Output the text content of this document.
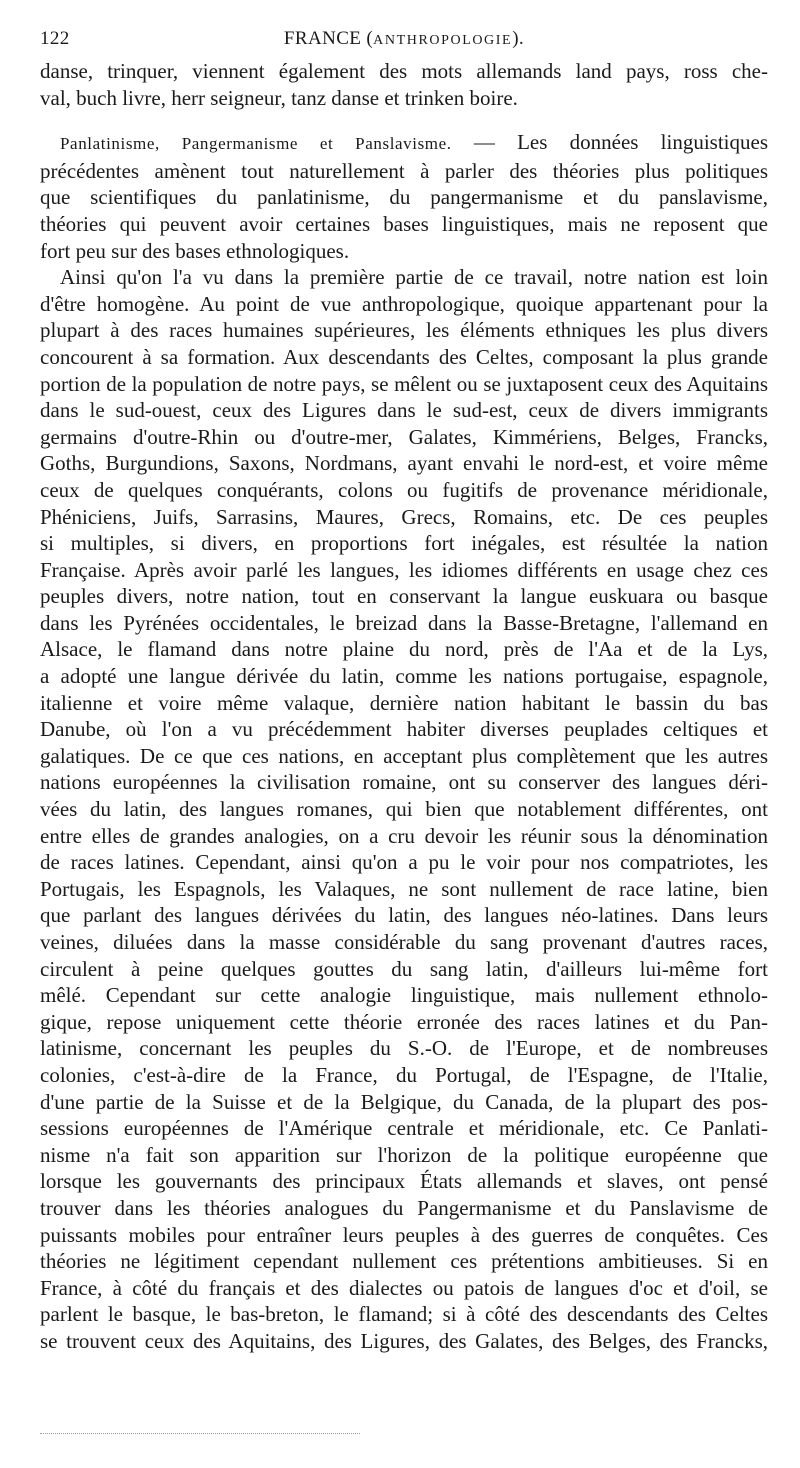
122	FRANCE (ANTHROPOLOGIE).
danse, trinquer, viennent également des mots allemands land pays, ross che-
val, buch livre, herr seigneur, tanz danse et trinken boire.
Panlatinisme, Pangermanisme et Panslavisme. — Les données linguistiques
précédentes amènent tout naturellement à parler des théories plus politiques
que scientifiques du panlatinisme, du pangermanisme et du panslavisme,
théories qui peuvent avoir certaines bases linguistiques, mais ne reposent que
fort peu sur des bases ethnologiques.
Ainsi qu'on l'a vu dans la première partie de ce travail, notre nation est loin
d'être homogène. Au point de vue anthropologique, quoique appartenant pour la
plupart à des races humaines supérieures, les éléments ethniques les plus divers
concourent à sa formation. Aux descendants des Celtes, composant la plus grande
portion de la population de notre pays, se mêlent ou se juxtaposent ceux des Aquitains
dans le sud-ouest, ceux des Ligures dans le sud-est, ceux de divers immigrants
germains d'outre-Rhin ou d'outre-mer, Galates, Kimmériens, Belges, Francks,
Goths, Burgundions, Saxons, Nordmans, ayant envahi le nord-est, et voire même
ceux de quelques conquérants, colons ou fugitifs de provenance méridionale,
Phéniciens, Juifs, Sarrasins, Maures, Grecs, Romains, etc. De ces peuples
si multiples, si divers, en proportions fort inégales, est résultée la nation
Française. Après avoir parlé les langues, les idiomes différents en usage chez ces
peuples divers, notre nation, tout en conservant la langue euskuara ou basque
dans les Pyrénées occidentales, le breizad dans la Basse-Bretagne, l'allemand en
Alsace, le flamand dans notre plaine du nord, près de l'Aa et de la Lys,
a adopté une langue dérivée du latin, comme les nations portugaise, espagnole,
italienne et voire même valaque, dernière nation habitant le bassin du bas
Danube, où l'on a vu précédemment habiter diverses peuplades celtiques et
galatiques. De ce que ces nations, en acceptant plus complètement que les autres
nations européennes la civilisation romaine, ont su conserver des langues déri-
vées du latin, des langues romanes, qui bien que notablement différentes, ont
entre elles de grandes analogies, on a cru devoir les réunir sous la dénomination
de races latines. Cependant, ainsi qu'on a pu le voir pour nos compatriotes, les
Portugais, les Espagnols, les Valaques, ne sont nullement de race latine, bien
que parlant des langues dérivées du latin, des langues néo-latines. Dans leurs
veines, diluées dans la masse considérable du sang provenant d'autres races,
circulent à peine quelques gouttes du sang latin, d'ailleurs lui-même fort
mêlé. Cependant sur cette analogie linguistique, mais nullement ethnolo-
gique, repose uniquement cette théorie erronée des races latines et du Pan-
latinisme, concernant les peuples du S.-O. de l'Europe, et de nombreuses
colonies, c'est-à-dire de la France, du Portugal, de l'Espagne, de l'Italie,
d'une partie de la Suisse et de la Belgique, du Canada, de la plupart des pos-
sessions européennes de l'Amérique centrale et méridionale, etc. Ce Panlati-
nisme n'a fait son apparition sur l'horizon de la politique européenne que
lorsque les gouvernants des principaux États allemands et slaves, ont pensé
trouver dans les théories analogues du Pangermanisme et du Panslavisme de
puissants mobiles pour entraîner leurs peuples à des guerres de conquêtes. Ces
théories ne légitiment cependant nullement ces prétentions ambitieuses. Si en
France, à côté du français et des dialectes ou patois de langues d'oc et d'oil, se
parlent le basque, le bas-breton, le flamand; si à côté des descendants des Celtes
se trouvent ceux des Aquitains, des Ligures, des Galates, des Belges, des Francks,
